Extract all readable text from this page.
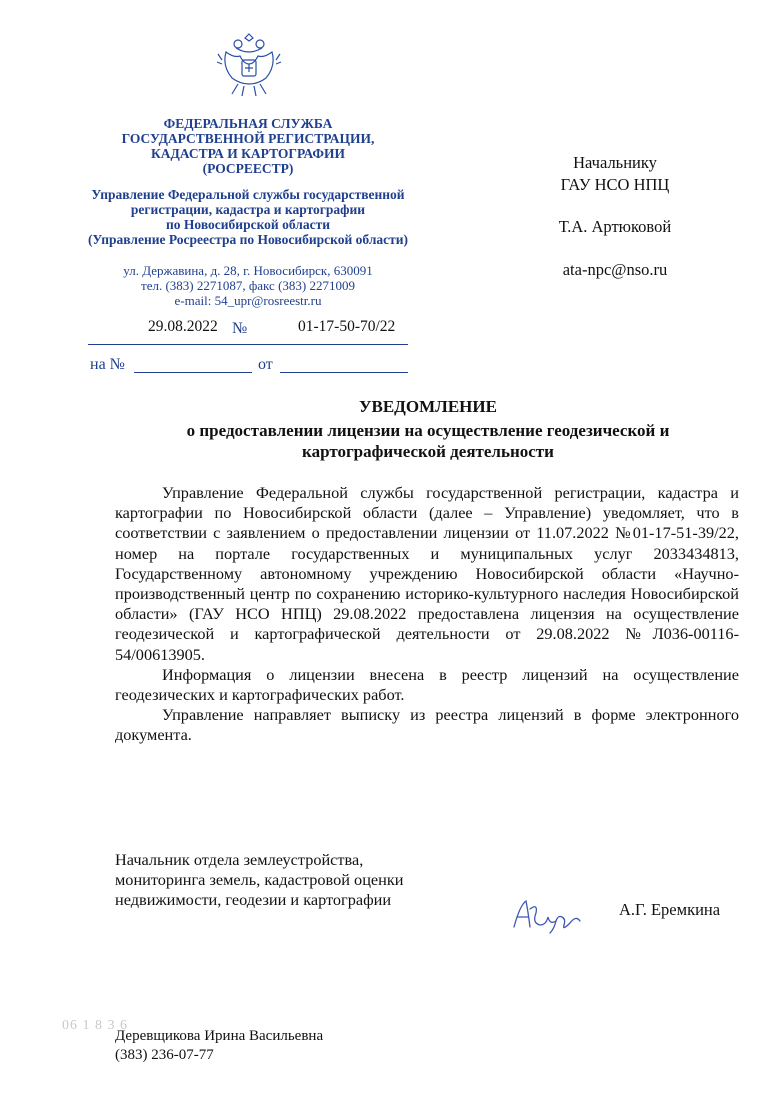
ФЕДЕРАЛЬНАЯ СЛУЖБА
ГОСУДАРСТВЕННОЙ РЕГИСТРАЦИИ,
КАДАСТРА И КАРТОГРАФИИ
(РОСРЕЕСТР)
Управление Федеральной службы государственной
регистрации, кадастра и картографии
по Новосибирской области
(Управление Росреестра по Новосибирской области)
ул. Державина, д. 28, г. Новосибирск, 630091
тел. (383) 2271087, факс (383) 2271009
e-mail: 54_upr@rosreestr.ru
29.08.2022 №	01-17-50-70/22
на №	от
Начальнику
ГАУ НСО НПЦ
Т.А. Артюковой
ata-npc@nso.ru
УВЕДОМЛЕНИЕ
о предоставлении лицензии на осуществление геодезической и
картографической деятельности

Управление Федеральной службы государственной регистрации, кадастра и картографии по Новосибирской области (далее – Управление) уведомляет, что в соответствии с заявлением о предоставлении лицензии от 11.07.2022 №01-17-51-39/22, номер на портале государственных и муниципальных услуг 2033434813, Государственному автономному учреждению Новосибирской области «Научно-производственный центр по сохранению историко-культурного наследия Новосибирской области» (ГАУ НСО НПЦ) 29.08.2022 предоставлена лицензия на осуществление геодезической и картографической деятельности от 29.08.2022 №Л036-00116-54/00613905.

Информация о лицензии внесена в реестр лицензий на осуществление геодезических и картографических работ.

Управление направляет выписку из реестра лицензий в форме электронного документа.

Начальник отдела землеустройства,
мониторинга земель, кадастровой оценки
недвижимости, геодезии и картографии
А.Г. Еремкина
06 1 8 3 6
Деревщикова Ирина Васильевна
(383) 236-07-77
